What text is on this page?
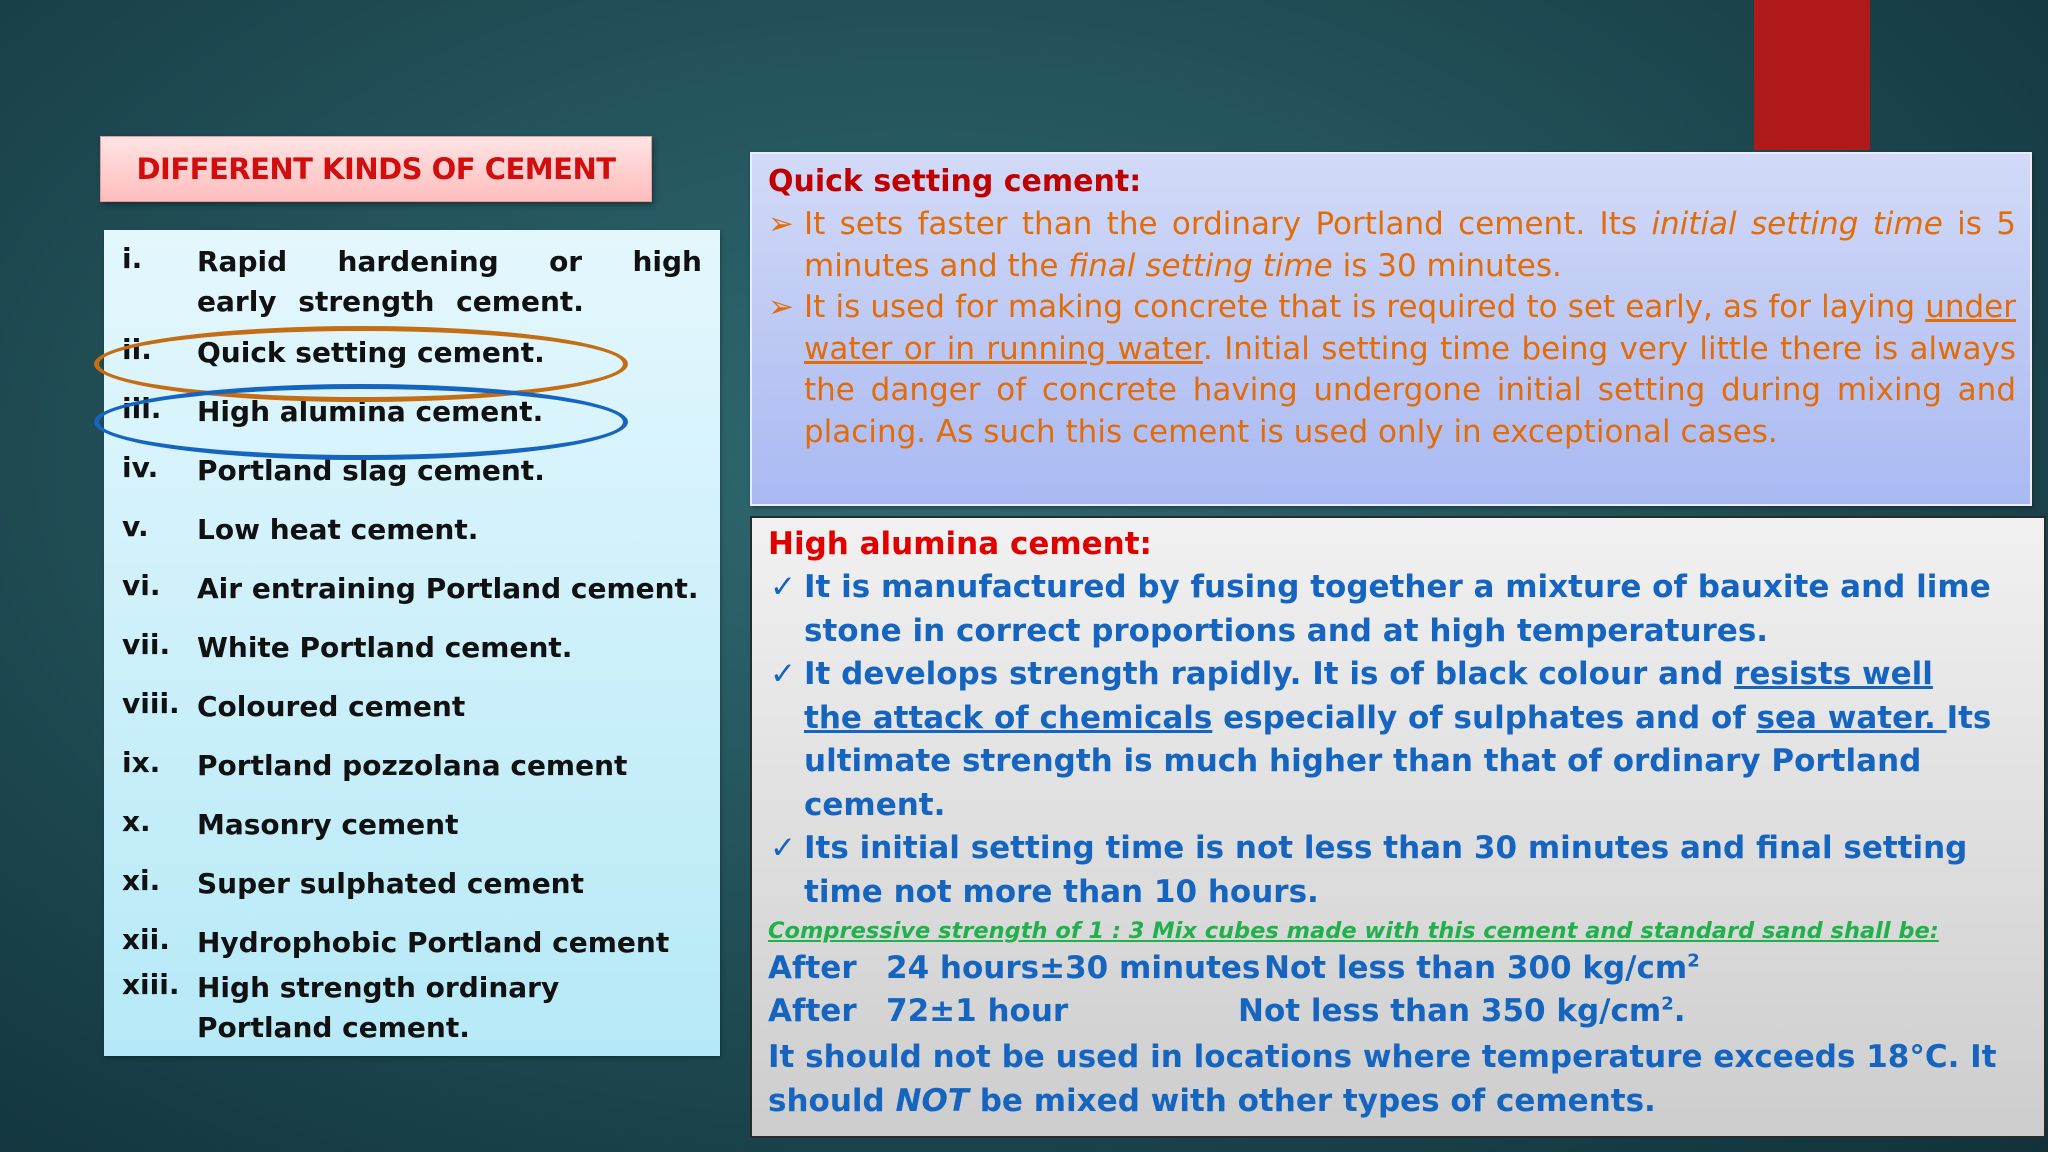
DIFFERENT KINDS OF CEMENT
i.	Rapid hardening or high early strength cement.
ii.	Quick setting cement.
iii.	High alumina cement.
iv.	Portland slag cement.
v.	Low heat cement.
vi.	Air entraining Portland cement.
vii. White Portland cement.
viii. Coloured cement
ix.	Portland pozzolana cement
x.	Masonry cement
xi.	Super sulphated cement
xii. Hydrophobic Portland cement
xiii. High strength ordinary Portland cement.
Quick setting cement:
➢ It sets faster than the ordinary Portland cement. Its initial setting time is 5 minutes and the final setting time is 30 minutes.
➢ It is used for making concrete that is required to set early, as for laying under water or in running water. Initial setting time being very little there is always the danger of concrete having undergone initial setting during mixing and placing. As such this cement is used only in exceptional cases.
High alumina cement:
✓ It is manufactured by fusing together a mixture of bauxite and lime stone in correct proportions and at high temperatures.
✓ It develops strength rapidly. It is of black colour and resists well the attack of chemicals especially of sulphates and of sea water. Its ultimate strength is much higher than that of ordinary Portland cement.
✓ Its initial setting time is not less than 30 minutes and final setting time not more than 10 hours.
Compressive strength of 1 : 3 Mix cubes made with this cement and standard sand shall be:
After 24 hours±30 minutes Not less than 300 $kg/cm^2$
After 72±1 hour	Not less than 350 $kg/cm^2$.
It should not be used in locations where temperature exceeds 18°C. It should NOT be mixed with other types of cements.
